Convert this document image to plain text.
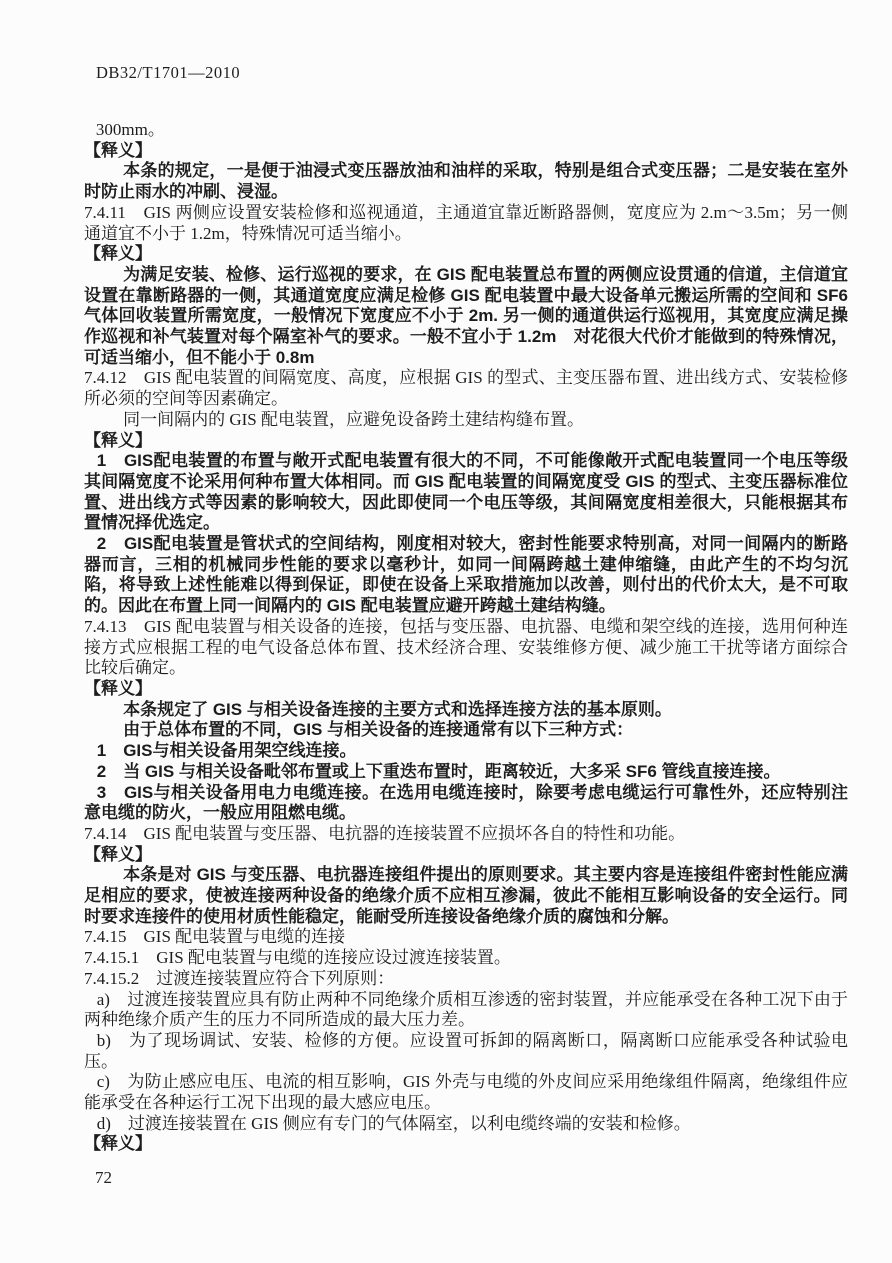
DB32/T1701—2010

300mm。

【释义】

本条的规定，一是便于油浸式变压器放油和油样的采取，特别是组合式变压器；二是安装在室外时防止雨水的冲刷、浸湿。

7.4.11　GIS 两侧应设置安装检修和巡视通道，主通道宜靠近断路器侧，宽度应为 2.m～3.5m；另一侧通道宜不小于 1.2m，特殊情况可适当缩小。

【释义】

为满足安装、检修、运行巡视的要求，在 GIS 配电装置总布置的两侧应设贯通的信道，主信道宜设置在靠断路器的一侧，其通道宽度应满足检修 GIS 配电装置中最大设备单元搬运所需的空间和 SF6 气体回收装置所需宽度，一般情况下宽度应不小于 2m. 另一侧的通道供运行巡视用，其宽度应满足操作巡视和补气装置对每个隔室补气的要求。一般不宜小于 1.2m　对花很大代价才能做到的特殊情况，可适当缩小，但不能小于 0.8m

7.4.12　GIS 配电装置的间隔宽度、高度，应根据 GIS 的型式、主变压器布置、进出线方式、安装检修所必须的空间等因素确定。

同一间隔内的 GIS 配电装置，应避免设备跨土建结构缝布置。

【释义】

1　GIS配电装置的布置与敞开式配电装置有很大的不同，不可能像敞开式配电装置同一个电压等级其间隔宽度不论采用何种布置大体相同。而 GIS 配电装置的间隔宽度受 GIS 的型式、主变压器标准位置、进出线方式等因素的影响较大，因此即使同一个电压等级，其间隔宽度相差很大，只能根据其布置情况择优选定。

2　GIS配电装置是管状式的空间结构，刚度相对较大，密封性能要求特别高，对同一间隔内的断路器而言，三相的机械同步性能的要求以毫秒计，如同一间隔跨越土建伸缩缝，由此产生的不均匀沉陷，将导致上述性能难以得到保证，即使在设备上采取措施加以改善，则付出的代价太大，是不可取的。因此在布置上同一间隔内的 GIS 配电装置应避开跨越土建结构缝。

7.4.13　GIS 配电装置与相关设备的连接，包括与变压器、电抗器、电缆和架空线的连接，选用何种连接方式应根据工程的电气设备总体布置、技术经济合理、安装维修方便、减少施工干扰等诸方面综合比较后确定。

【释义】

本条规定了 GIS 与相关设备连接的主要方式和选择连接方法的基本原则。

由于总体布置的不同，GIS 与相关设备的连接通常有以下三种方式：

1　GIS与相关设备用架空线连接。

2　当 GIS 与相关设备毗邻布置或上下重迭布置时，距离较近，大多采 SF6 管线直接连接。

3　GIS与相关设备用电力电缆连接。在选用电缆连接时，除要考虑电缆运行可靠性外，还应特别注意电缆的防火，一般应用阻燃电缆。

7.4.14　GIS 配电装置与变压器、电抗器的连接装置不应损坏各自的特性和功能。

【释义】

本条是对 GIS 与变压器、电抗器连接组件提出的原则要求。其主要内容是连接组件密封性能应满足相应的要求，使被连接两种设备的绝缘介质不应相互渗漏，彼此不能相互影响设备的安全运行。同时要求连接件的使用材质性能稳定，能耐受所连接设备绝缘介质的腐蚀和分解。

7.4.15　GIS 配电装置与电缆的连接

7.4.15.1　GIS 配电装置与电缆的连接应设过渡连接装置。

7.4.15.2　过渡连接装置应符合下列原则：

a)　过渡连接装置应具有防止两种不同绝缘介质相互渗透的密封装置，并应能承受在各种工况下由于两种绝缘介质产生的压力不同所造成的最大压力差。

b)　为了现场调试、安装、检修的方便。应设置可拆卸的隔离断口，隔离断口应能承受各种试验电压。

c)　为防止感应电压、电流的相互影响，GIS 外壳与电缆的外皮间应采用绝缘组件隔离，绝缘组件应能承受在各种运行工况下出现的最大感应电压。

d)　过渡连接装置在 GIS 侧应有专门的气体隔室，以利电缆终端的安装和检修。

【释义】

72
